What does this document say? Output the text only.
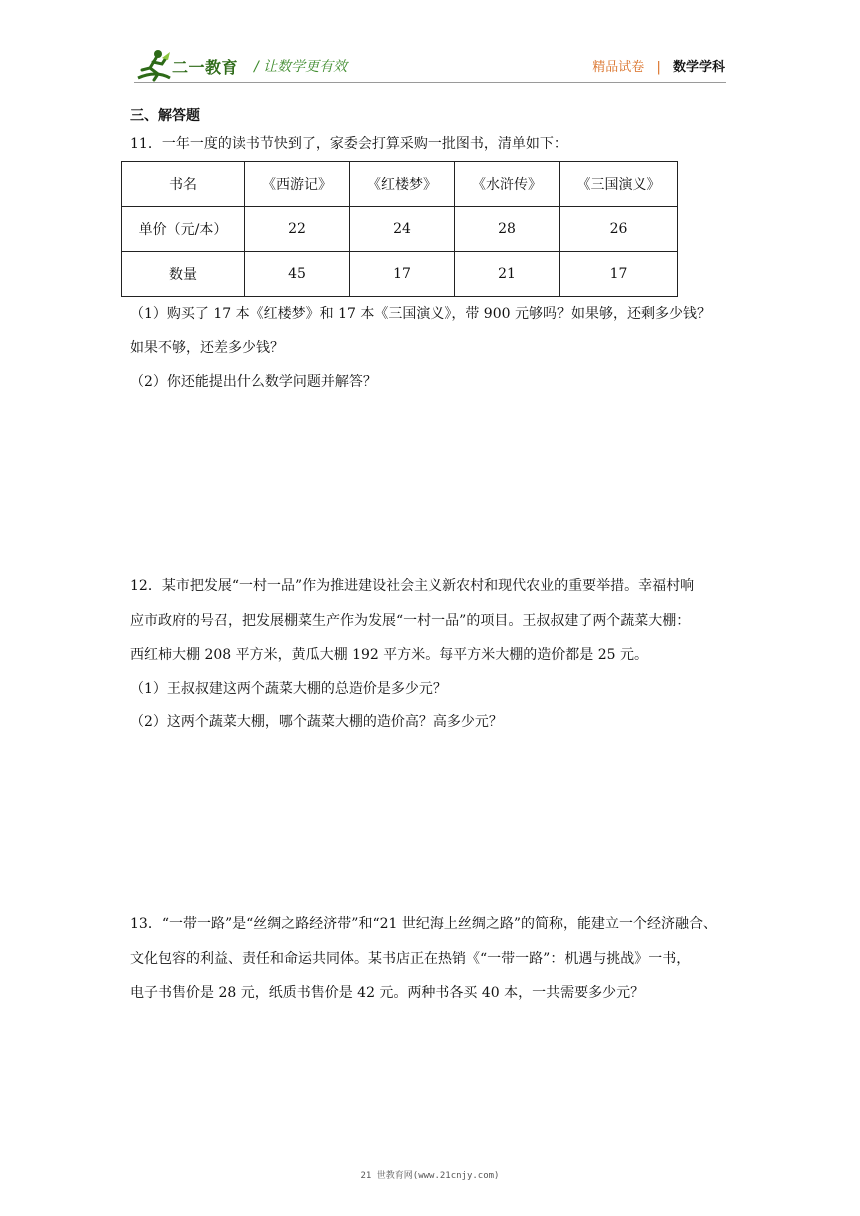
二一教育 / 让数学更有效	精品试卷 | 数学学科
三、解答题
11．一年一度的读书节快到了，家委会打算采购一批图书，清单如下：
书名	《西游记》	《红楼梦》	《水浒传》	《三国演义》
单价（元/本）	22	24	28	26
数量	45	17	21	17
（1）购买了 17 本《红楼梦》和 17 本《三国演义》，带 900 元够吗？如果够，还剩多少钱？
如果不够，还差多少钱？
（2）你还能提出什么数学问题并解答？
12．某市把发展“一村一品”作为推进建设社会主义新农村和现代农业的重要举措。幸福村响
应市政府的号召，把发展棚菜生产作为发展“一村一品”的项目。王叔叔建了两个蔬菜大棚：
西红柿大棚 208 平方米，黄瓜大棚 192 平方米。每平方米大棚的造价都是 25 元。
（1）王叔叔建这两个蔬菜大棚的总造价是多少元？
（2）这两个蔬菜大棚，哪个蔬菜大棚的造价高？高多少元？
13．“一带一路”是“丝绸之路经济带”和“21 世纪海上丝绸之路”的简称，能建立一个经济融合、
文化包容的利益、责任和命运共同体。某书店正在热销《“一带一路”：机遇与挑战》一书，
电子书售价是 28 元，纸质书售价是 42 元。两种书各买 40 本，一共需要多少元？
21 世教育网(www.21cnjy.com)
